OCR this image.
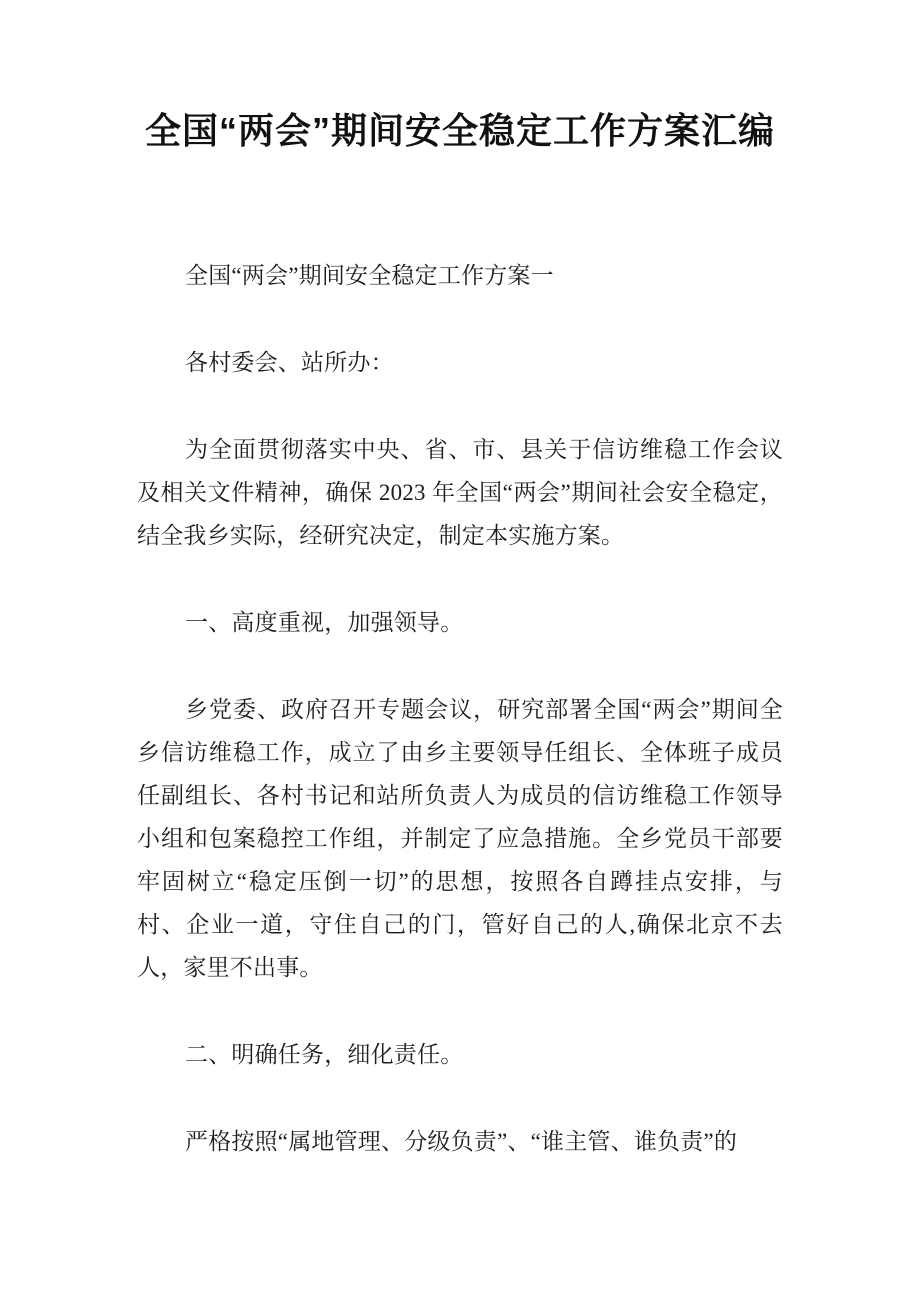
全国“两会”期间安全稳定工作方案汇编

全国“两会”期间安全稳定工作方案一

各村委会、站所办：

为全面贯彻落实中央、省、市、县关于信访维稳工作会议及相关文件精神，确保 2023 年全国“两会”期间社会安全稳定，结全我乡实际，经研究决定，制定本实施方案。

一、高度重视，加强领导。

乡党委、政府召开专题会议，研究部署全国“两会”期间全乡信访维稳工作，成立了由乡主要领导任组长、全体班子成员任副组长、各村书记和站所负责人为成员的信访维稳工作领导小组和包案稳控工作组，并制定了应急措施。全乡党员干部要牢固树立“稳定压倒一切”的思想，按照各自蹲挂点安排，与村、企业一道，守住自己的门，管好自己的人,确保北京不去人，家里不出事。

二、明确任务，细化责任。

严格按照“属地管理、分级负责”、“谁主管、谁负责”的
